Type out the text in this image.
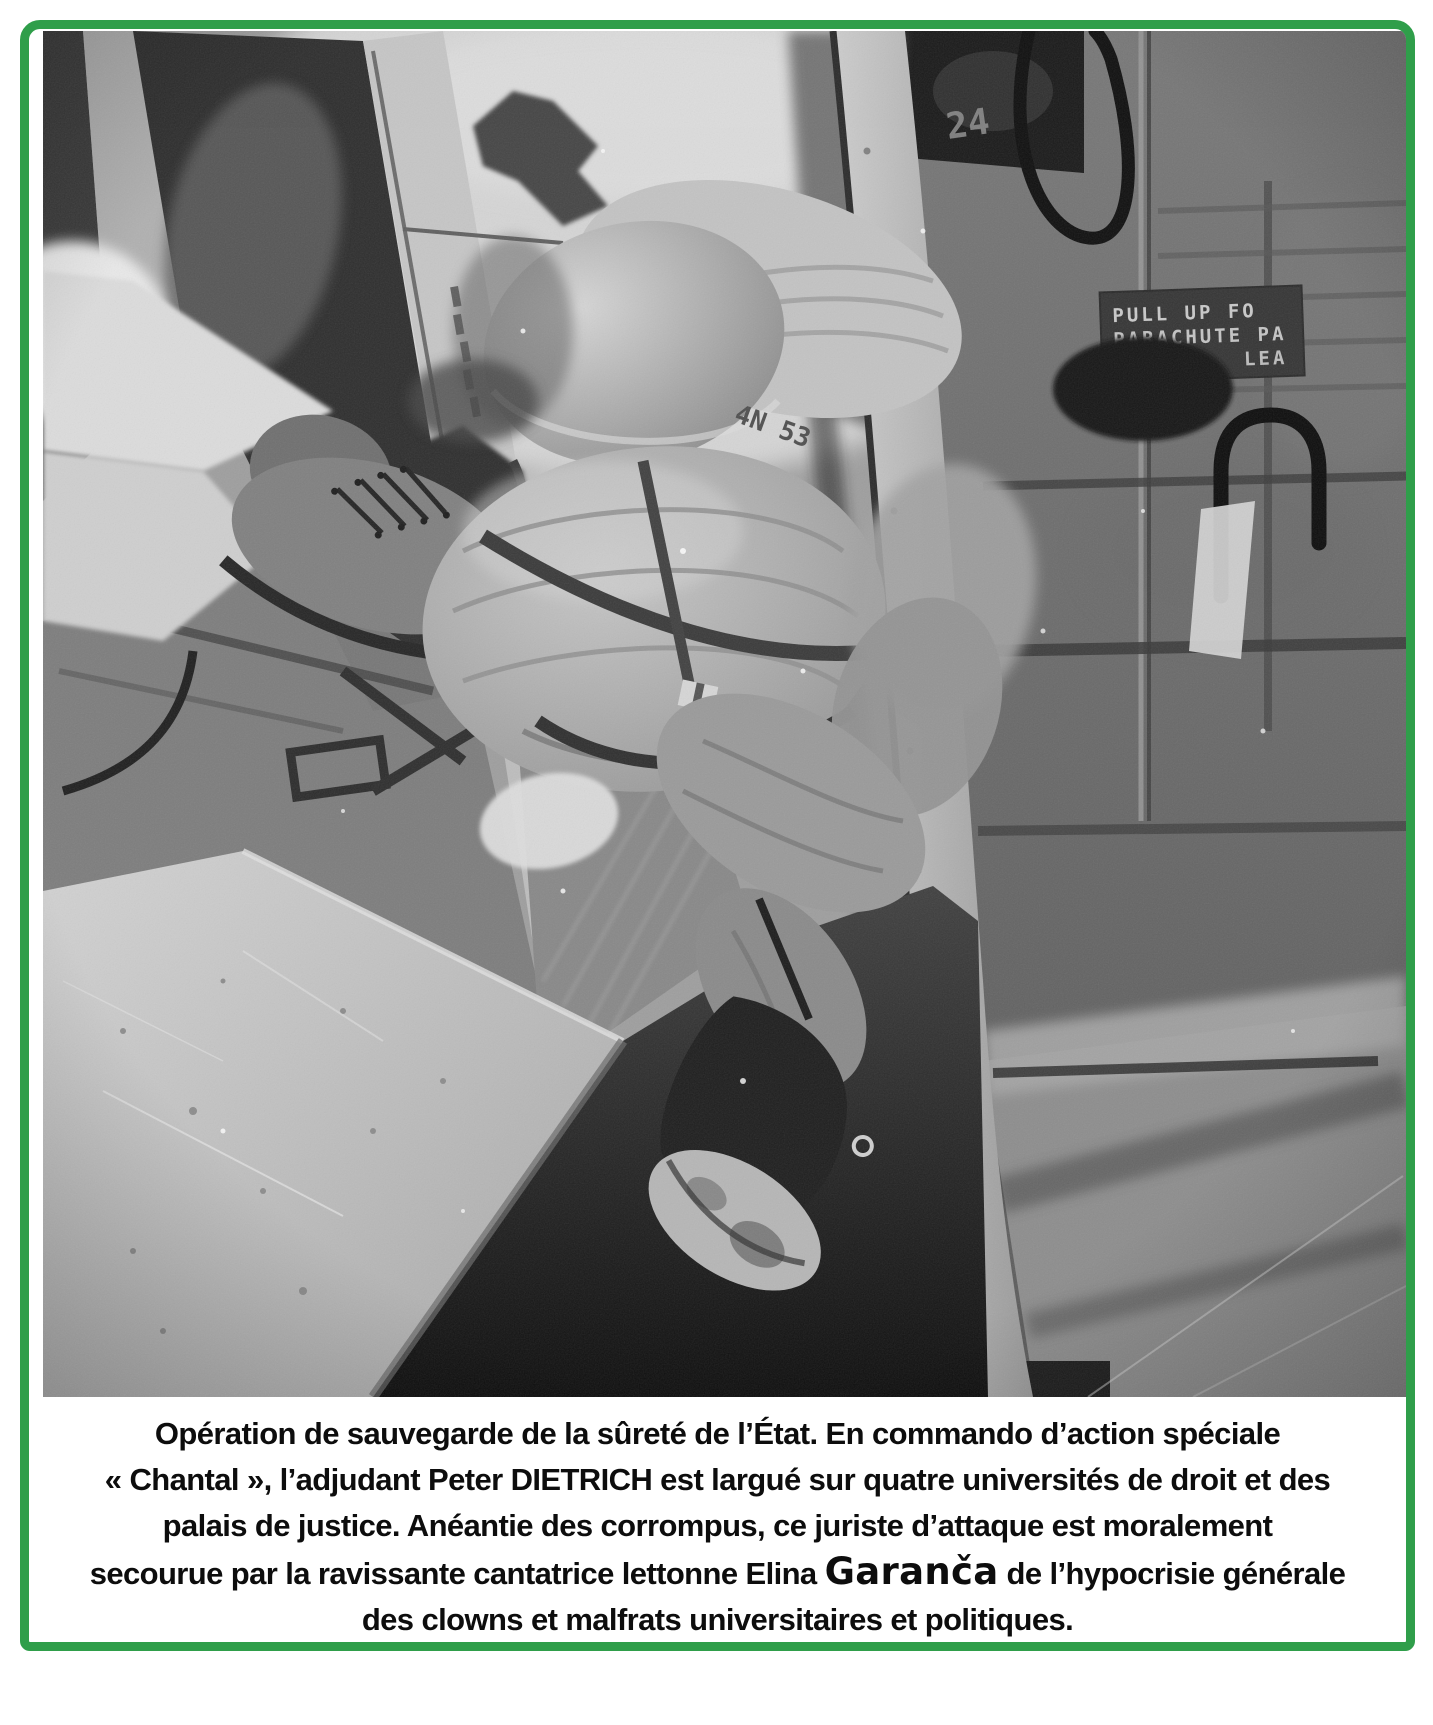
Opération de sauvegarde de la sûreté de l’État. En commando d’action spéciale
« Chantal », l’adjudant Peter DIETRICH est largué sur quatre universités de droit et des
palais de justice. Anéantie des corrompus, ce juriste d’attaque est moralement
secourue par la ravissante cantatrice lettonne Elina Garanča de l’hypocrisie générale
des clowns et malfrats universitaires et politiques.
